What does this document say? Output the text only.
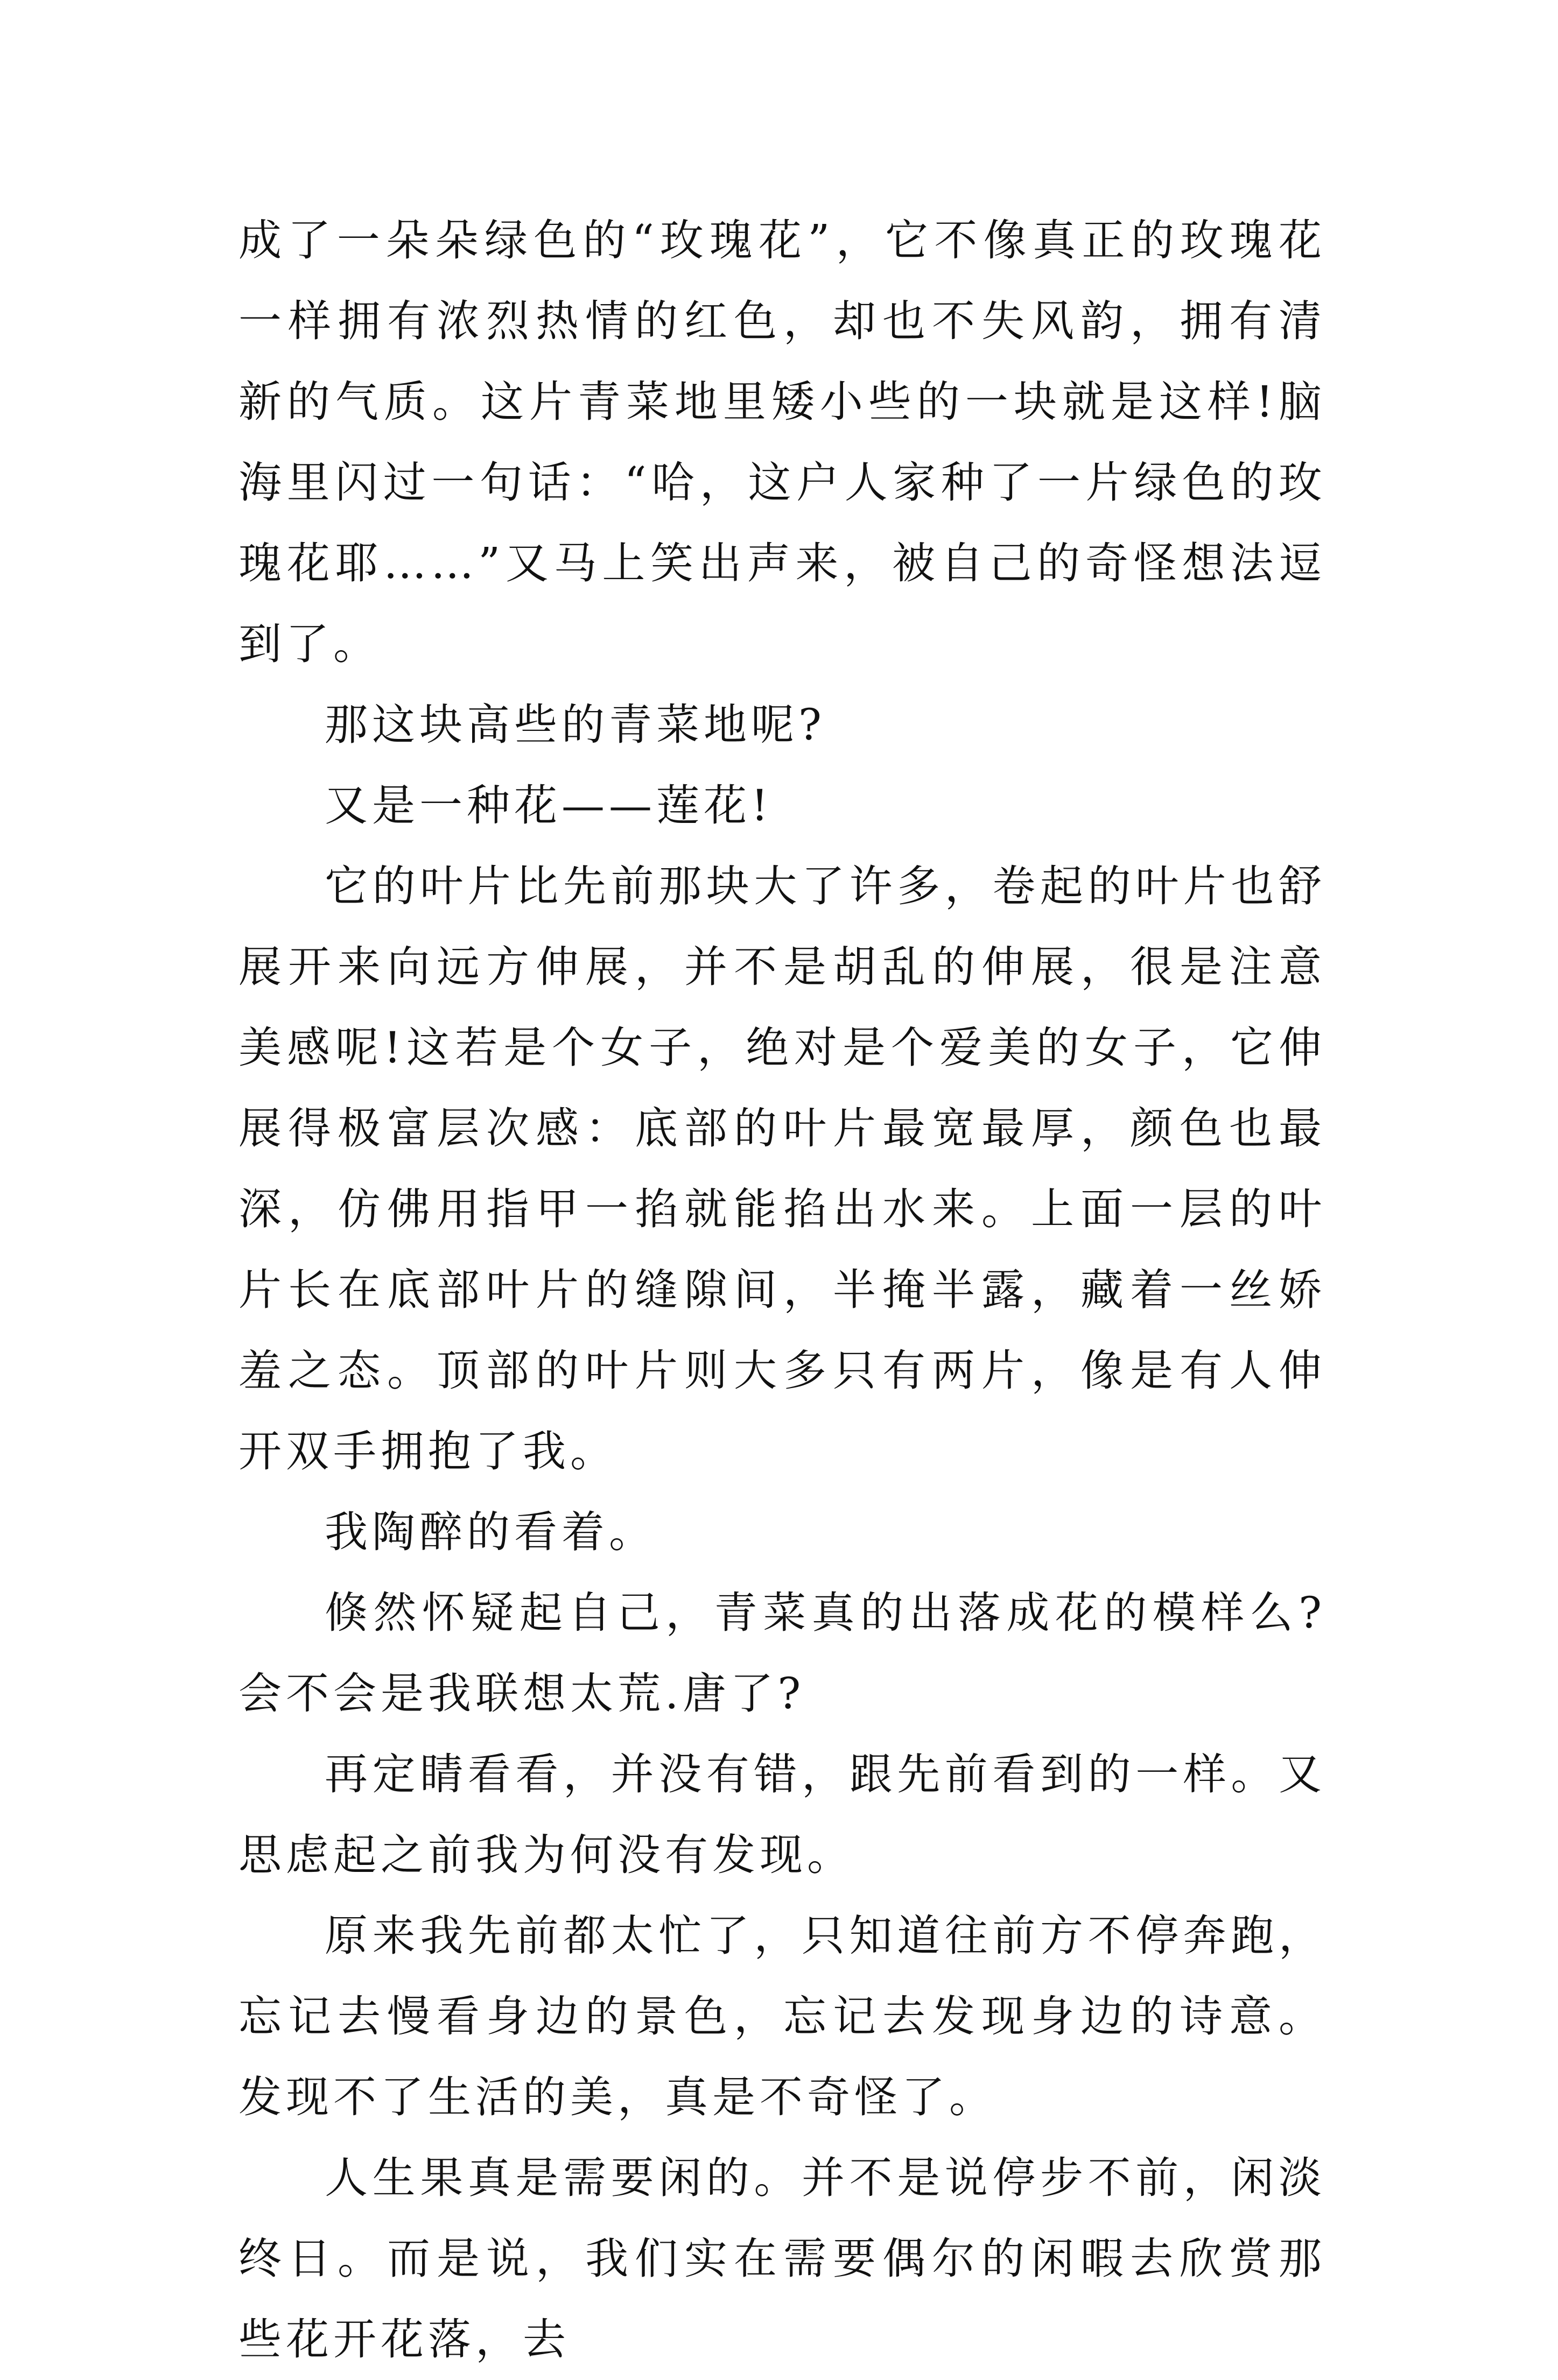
成了一朵朵绿色的“玫瑰花”，它不像真正的玫瑰花一样拥有浓烈热情的红色，却也不失风韵，拥有清新的气质。这片青菜地里矮小些的一块就是这样!脑海里闪过一句话：“哈，这户人家种了一片绿色的玫瑰花耶……”又马上笑出声来，被自己的奇怪想法逗到了。

那这块高些的青菜地呢?

又是一种花——莲花!

它的叶片比先前那块大了许多，卷起的叶片也舒展开来向远方伸展，并不是胡乱的伸展，很是注意美感呢!这若是个女子，绝对是个爱美的女子，它伸展得极富层次感：底部的叶片最宽最厚，颜色也最深，仿佛用指甲一掐就能掐出水来。上面一层的叶片长在底部叶片的缝隙间，半掩半露，藏着一丝娇羞之态。顶部的叶片则大多只有两片，像是有人伸开双手拥抱了我。

我陶醉的看着。

倏然怀疑起自己，青菜真的出落成花的模样么?会不会是我联想太荒.唐了?

再定睛看看，并没有错，跟先前看到的一样。又思虑起之前我为何没有发现。

原来我先前都太忙了，只知道往前方不停奔跑，忘记去慢看身边的景色，忘记去发现身边的诗意。发现不了生活的美，真是不奇怪了。

人生果真是需要闲的。并不是说停步不前，闲淡终日。而是说，我们实在需要偶尔的闲暇去欣赏那些花开花落，去
